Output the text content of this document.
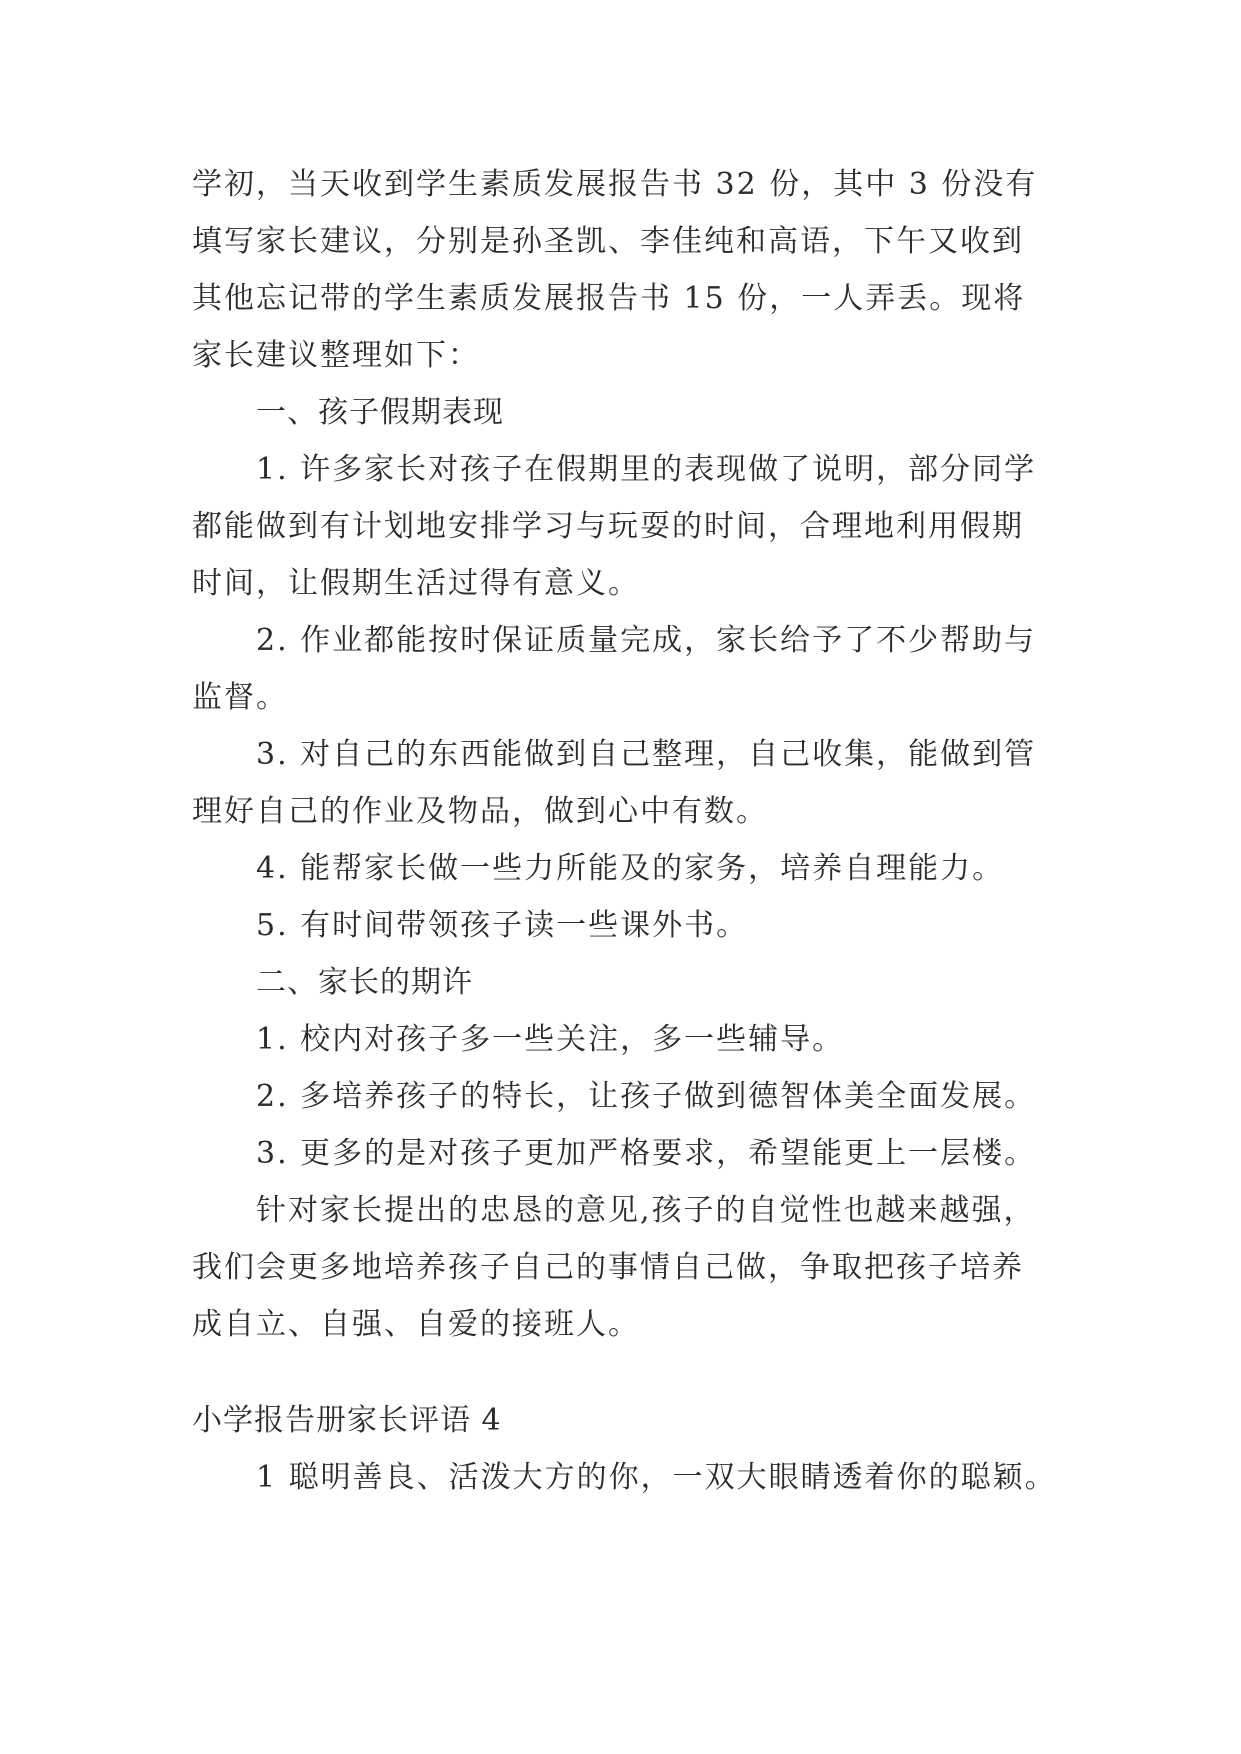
学初，当天收到学生素质发展报告书 32 份，其中 3 份没有
填写家长建议，分别是孙圣凯、李佳纯和高语，下午又收到
其他忘记带的学生素质发展报告书 15 份，一人弄丢。现将
家长建议整理如下：
一、孩子假期表现
1. 许多家长对孩子在假期里的表现做了说明，部分同学
都能做到有计划地安排学习与玩耍的时间，合理地利用假期
时间，让假期生活过得有意义。
2. 作业都能按时保证质量完成，家长给予了不少帮助与
监督。
3. 对自己的东西能做到自己整理，自己收集，能做到管
理好自己的作业及物品，做到心中有数。
4. 能帮家长做一些力所能及的家务，培养自理能力。
5. 有时间带领孩子读一些课外书。
二、家长的期许
1. 校内对孩子多一些关注，多一些辅导。
2. 多培养孩子的特长，让孩子做到德智体美全面发展。
3. 更多的是对孩子更加严格要求，希望能更上一层楼。
针对家长提出的忠恳的意见,孩子的自觉性也越来越强，
我们会更多地培养孩子自己的事情自己做，争取把孩子培养
成自立、自强、自爱的接班人。
小学报告册家长评语 4
1 聪明善良、活泼大方的你，一双大眼睛透着你的聪颖。
